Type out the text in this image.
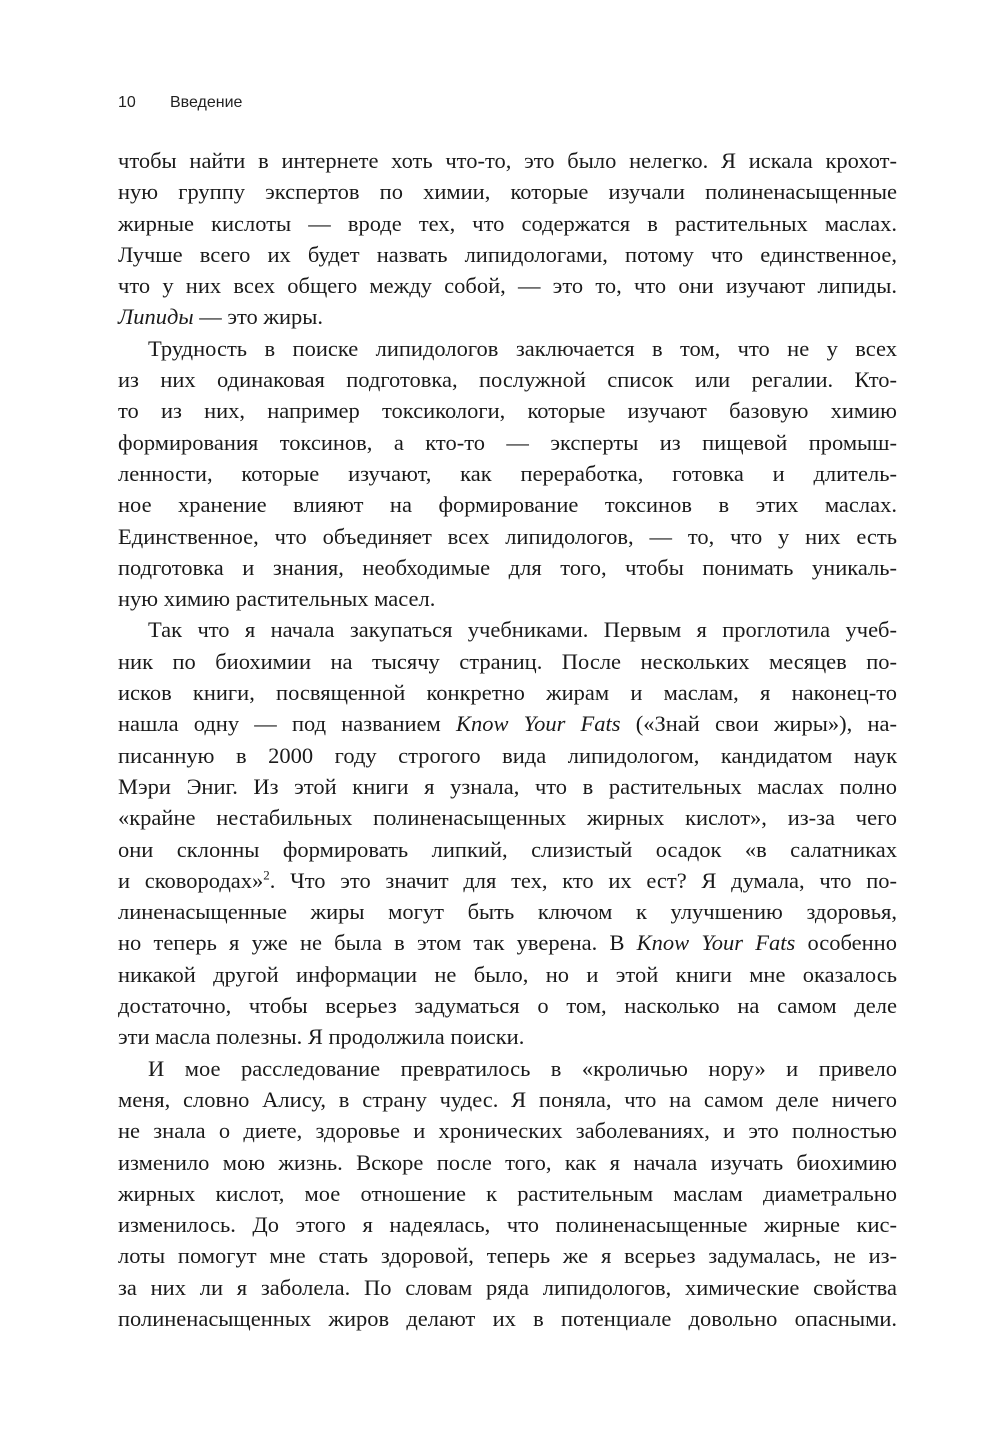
10 Введение
чтобы найти в интернете хоть что-то, это было нелегко. Я искала крохот-
ную группу экспертов по химии, которые изучали полиненасыщенные
жирные кислоты — вроде тех, что содержатся в растительных маслах.
Лучше всего их будет назвать липидологами, потому что единственное,
что у них всех общего между собой, — это то, что они изучают липиды.
Липиды — это жиры.
Трудность в поиске липидологов заключается в том, что не у всех
из них одинаковая подготовка, послужной список или регалии. Кто-
то из них, например токсикологи, которые изучают базовую химию
формирования токсинов, а кто-то — эксперты из пищевой промыш-
ленности, которые изучают, как переработка, готовка и длитель-
ное хранение влияют на формирование токсинов в этих маслах.
Единственное, что объединяет всех липидологов, — то, что у них есть
подготовка и знания, необходимые для того, чтобы понимать уникаль-
ную химию растительных масел.
Так что я начала закупаться учебниками. Первым я проглотила учеб-
ник по биохимии на тысячу страниц. После нескольких месяцев по-
исков книги, посвященной конкретно жирам и маслам, я наконец-то
нашла одну — под названием Know Your Fats («Знай свои жиры»), на-
писанную в 2000 году строгого вида липидологом, кандидатом наук
Мэри Эниг. Из этой книги я узнала, что в растительных маслах полно
«крайне нестабильных полиненасыщенных жирных кислот», из-за чего
они склонны формировать липкий, слизистый осадок «в салатниках
и сковородах»$^2$. Что это значит для тех, кто их ест? Я думала, что по-
линенасыщенные жиры могут быть ключом к улучшению здоровья,
но теперь я уже не была в этом так уверена. В Know Your Fats особенно
никакой другой информации не было, но и этой книги мне оказалось
достаточно, чтобы всерьез задуматься о том, насколько на самом деле
эти масла полезны. Я продолжила поиски.
И мое расследование превратилось в «кроличью нору» и привело
меня, словно Алису, в страну чудес. Я поняла, что на самом деле ничего
не знала о диете, здоровье и хронических заболеваниях, и это полностью
изменило мою жизнь. Вскоре после того, как я начала изучать биохимию
жирных кислот, мое отношение к растительным маслам диаметрально
изменилось. До этого я надеялась, что полиненасыщенные жирные кис-
лоты помогут мне стать здоровой, теперь же я всерьез задумалась, не из-
за них ли я заболела. По словам ряда липидологов, химические свойства
полиненасыщенных жиров делают их в потенциале довольно опасными.
